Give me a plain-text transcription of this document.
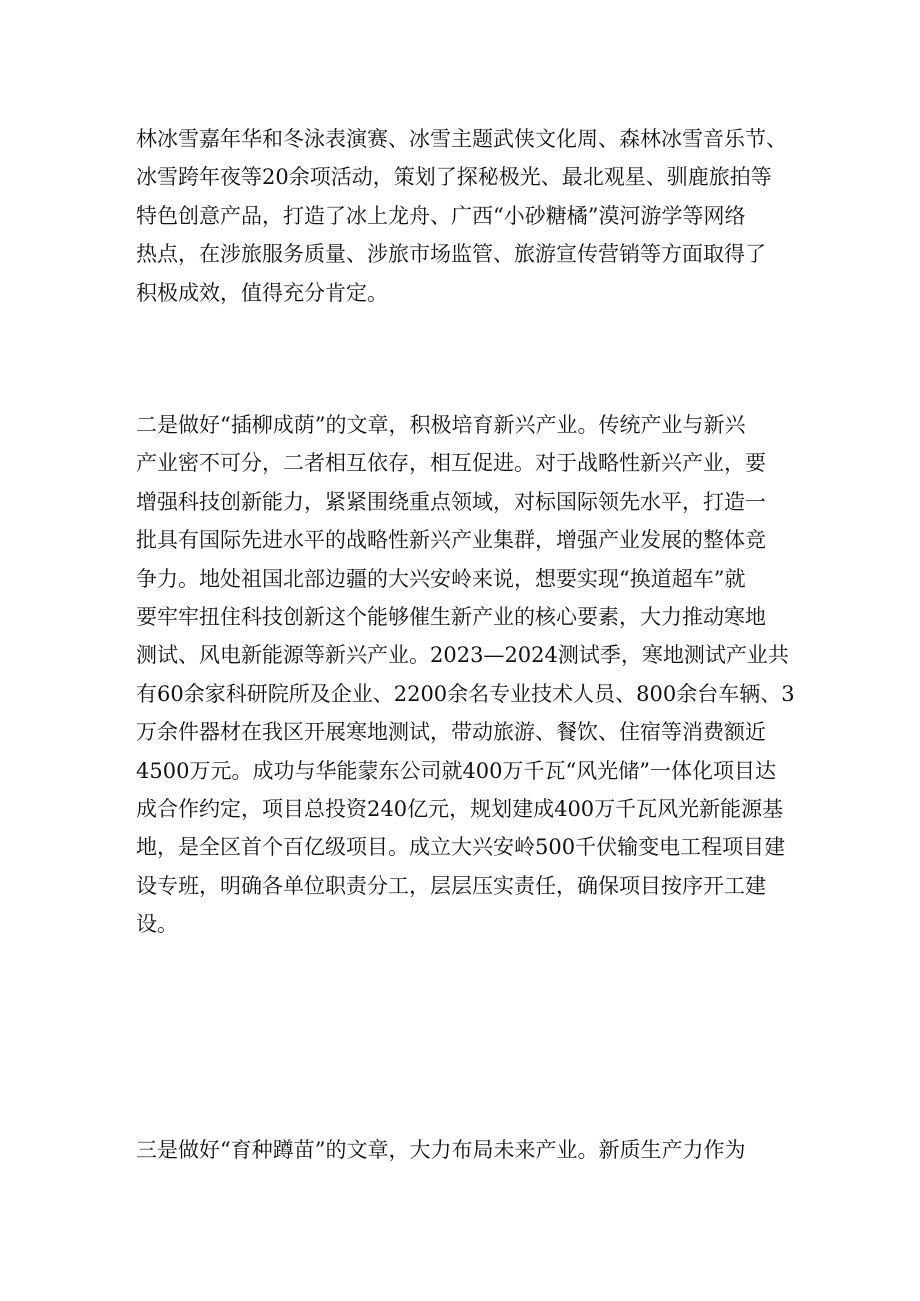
林冰雪嘉年华和冬泳表演赛、冰雪主题武侠文化周、森林冰雪音乐节、
冰雪跨年夜等20余项活动，策划了探秘极光、最北观星、驯鹿旅拍等
特色创意产品，打造了冰上龙舟、广西“小砂糖橘”漠河游学等网络
热点，在涉旅服务质量、涉旅市场监管、旅游宣传营销等方面取得了
积极成效，值得充分肯定。

二是做好“插柳成荫”的文章，积极培育新兴产业。传统产业与新兴
产业密不可分，二者相互依存，相互促进。对于战略性新兴产业，要
增强科技创新能力，紧紧围绕重点领域，对标国际领先水平，打造一
批具有国际先进水平的战略性新兴产业集群，增强产业发展的整体竞
争力。地处祖国北部边疆的大兴安岭来说，想要实现“换道超车”就
要牢牢扭住科技创新这个能够催生新产业的核心要素，大力推动寒地
测试、风电新能源等新兴产业。2023—2024测试季，寒地测试产业共
有60余家科研院所及企业、2200余名专业技术人员、800余台车辆、3
万余件器材在我区开展寒地测试，带动旅游、餐饮、住宿等消费额近
4500万元。成功与华能蒙东公司就400万千瓦“风光储”一体化项目达
成合作约定，项目总投资240亿元，规划建成400万千瓦风光新能源基
地，是全区首个百亿级项目。成立大兴安岭500千伏输变电工程项目建
设专班，明确各单位职责分工，层层压实责任，确保项目按序开工建
设。

三是做好“育种蹲苗”的文章，大力布局未来产业。新质生产力作为
